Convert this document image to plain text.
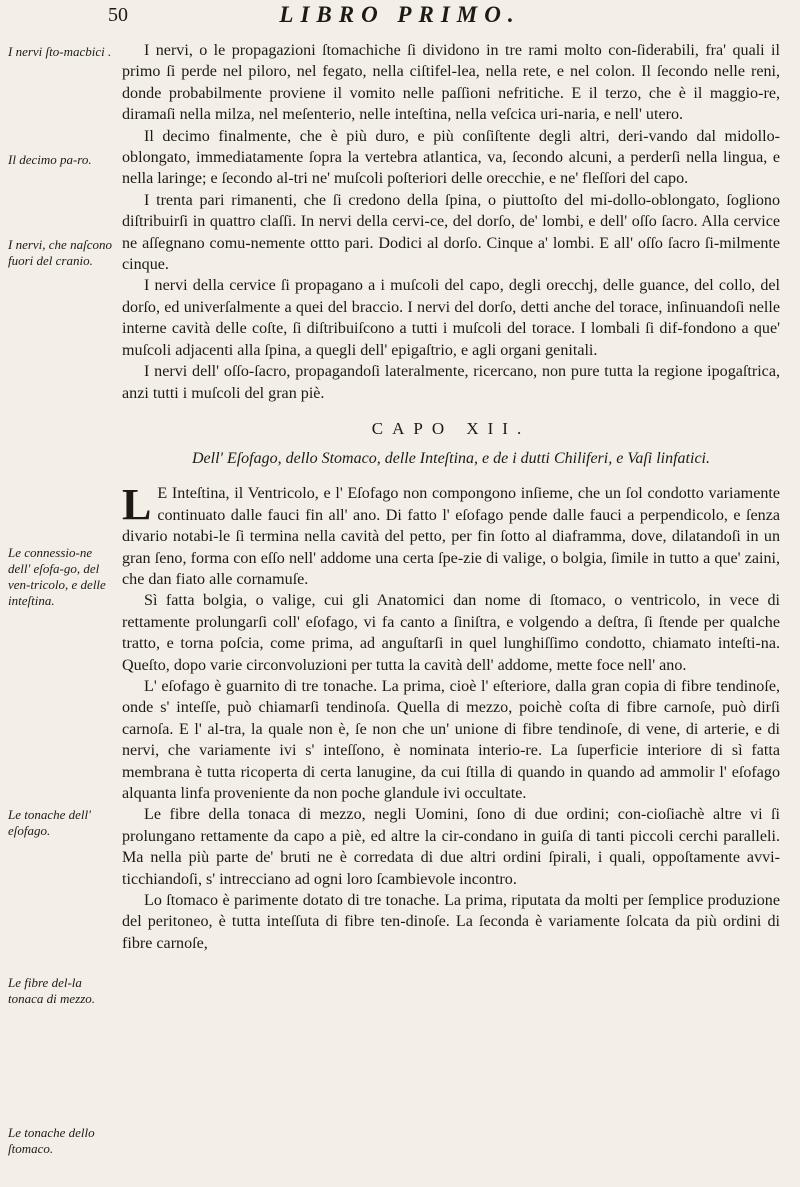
50	LIBRO PRIMO.
I nervi ſto-macbici .
Il decimo pa-ro.
I nervi, che naſcono fuori del cranio.
Le connessio-ne dell' eſofa-go, del ven-tricolo, e delle inteſtina.
Le tonache dell' eſofago.
Le fibre del-la tonaca di mezzo.
Le tonache dello ſtomaco.

I nervi, o le propagazioni ſtomachiche ſi dividono in tre rami molto con-ſiderabili, fra' quali il primo ſi perde nel piloro, nel fegato, nella ciſtifel-lea, nella rete, e nel colon. Il ſecondo nelle reni, donde probabilmente proviene il vomito nelle paſſioni nefritiche. E il terzo, che è il maggio-re, diramaſi nella milza, nel meſenterio, nelle inteſtina, nella veſcica uri-naria, e nell' utero.

Il decimo finalmente, che è più duro, e più conſiſtente degli altri, deri-vando dal midollo-oblongato, immediatamente ſopra la vertebra atlantica, va, ſecondo alcuni, a perderſi nella lingua, e nella laringe; e ſecondo al-tri ne' muſcoli poſteriori delle orecchie, e ne' fleſſori del capo.

I trenta pari rimanenti, che ſi credono della ſpina, o piuttoſto del mi-dollo-oblongato, ſogliono diſtribuirſi in quattro claſſi. In nervi della cervi-ce, del dorſo, de' lombi, e dell' oſſo ſacro. Alla cervice ne aſſegnano comu-nemente ottto pari. Dodici al dorſo. Cinque a' lombi. E all' oſſo ſacro ſi-milmente cinque.

I nervi della cervice ſi propagano a i muſcoli del capo, degli orecchj, delle guance, del collo, del dorſo, ed univerſalmente a quei del braccio. I nervi del dorſo, detti anche del torace, inſinuandoſi nelle interne cavità delle coſte, ſi diſtribuiſcono a tutti i muſcoli del torace. I lombali ſi dif-fondono a que' muſcoli adjacenti alla ſpina, a quegli dell' epigaſtrio, e agli organi genitali.

I nervi dell' oſſo-ſacro, propagandoſi lateralmente, ricercano, non pure tutta la regione ipogaſtrica, anzi tutti i muſcoli del gran piè.

CAPO XII.
Dell' Eſofago, dello Stomaco, delle Inteſtina, e de i dutti Chiliferi, e Vaſi linfatici.

L E Inteſtina, il Ventricolo, e l' Eſofago non compongono inſieme, che un ſol condotto variamente continuato dalle fauci fin all' ano. Di fatto l' eſofago pende dalle fauci a perpendicolo, e ſenza divario notabi-le ſi termina nella cavità del petto, per fin ſotto al diaframma, dove, dilatandoſi in un gran ſeno, forma con eſſo nell' addome una certa ſpe-zie di valige, o bolgia, ſimile in tutto a que' zaini, che dan fiato alle cornamuſe.

Sì fatta bolgia, o valige, cui gli Anatomici dan nome di ſtomaco, o ventricolo, in vece di rettamente prolungarſi coll' eſofago, vi fa canto a ſiniſtra, e volgendo a deſtra, ſi ſtende per qualche tratto, e torna poſcia, come prima, ad anguſtarſi in quel lunghiſſimo condotto, chiamato inteſti-na. Queſto, dopo varie circonvoluzioni per tutta la cavità dell' addome, mette foce nell' ano.

L' eſofago è guarnito di tre tonache. La prima, cioè l' eſteriore, dalla gran copia di fibre tendinoſe, onde s' inteſſe, può chiamarſi tendinoſa. Quella di mezzo, poichè coſta di fibre carnoſe, può dirſi carnoſa. E l' al-tra, la quale non è, ſe non che un' unione di fibre tendinoſe, di vene, di arterie, e di nervi, che variamente ivi s' inteſſono, è nominata interio-re. La ſuperficie interiore di sì fatta membrana è tutta ricoperta di certa lanugine, da cui ſtilla di quando in quando ad ammolir l' eſofago alquanta linfa proveniente da non poche glandule ivi occultate.

Le fibre della tonaca di mezzo, negli Uomini, ſono di due ordini; con-cioſiachè altre vi ſi prolungano rettamente da capo a piè, ed altre la cir-condano in guiſa di tanti piccoli cerchi paralleli. Ma nella più parte de' bruti ne è corredata di due altri ordini ſpirali, i quali, oppoſtamente avvi-ticchiandoſi, s' intrecciano ad ogni loro ſcambievole incontro.

Lo ſtomaco è parimente dotato di tre tonache. La prima, riputata da molti per ſemplice produzione del peritoneo, è tutta inteſſuta di fibre ten-dinoſe. La ſeconda è variamente ſolcata da più ordini di fibre carnoſe,
